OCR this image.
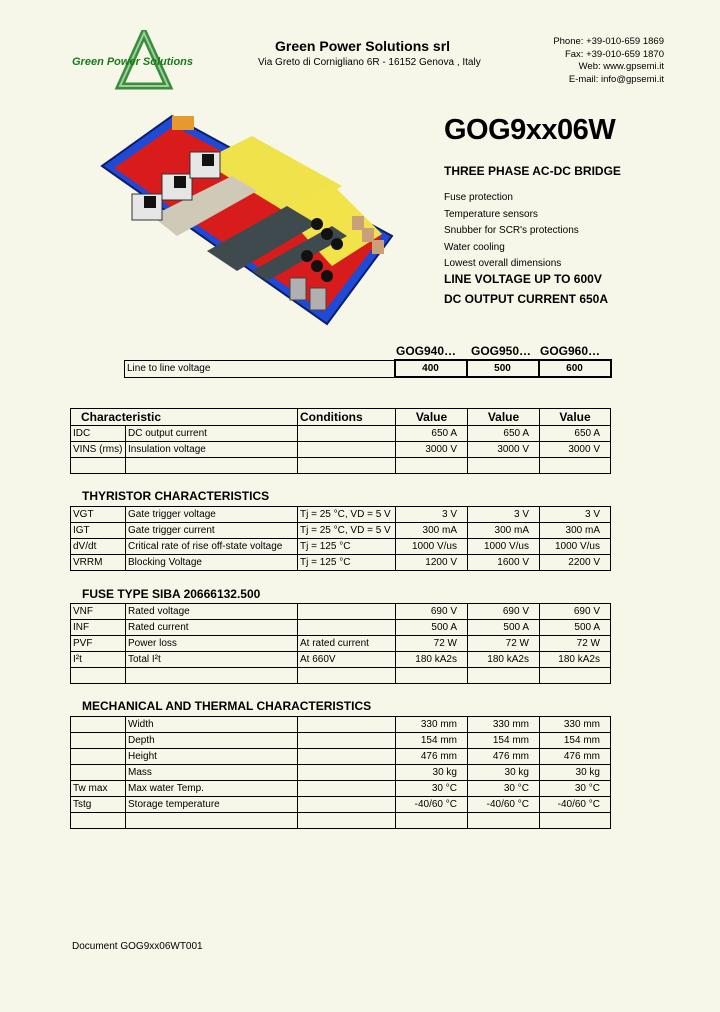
Green Power Solutions
Green Power Solutions srl
Via Greto di Cornigliano 6R - 16152 Genova , Italy
Phone: +39-010-659 1869
Fax: +39-010-659 1870
Web: www.gpsemi.it
E-mail: info@gpsemi.it
GOG9xx06W
THREE PHASE AC-DC BRIDGE
Fuse protection
Temperature sensors
Snubber for SCR's protections
Water cooling
Lowest overall dimensions
LINE VOLTAGE UP TO 600V
DC OUTPUT CURRENT 650A
GOG940… GOG950… GOG960…
Line to line voltage	400	500	600
Characteristic		Conditions	Value	Value	Value
IDC	DC output current		650 A	650 A	650 A
VINS (rms)	Insulation voltage		3000 V	3000 V	3000 V

THYRISTOR CHARACTERISTICS
VGT	Gate trigger voltage	Tj = 25 °C, VD = 5 V	3 V	3 V	3 V
IGT	Gate trigger current	Tj = 25 °C, VD = 5 V	300 mA	300 mA	300 mA
dV/dt	Critical rate of rise off-state voltage	Tj = 125 °C	1000 V/us	1000 V/us	1000 V/us
VRRM	Blocking Voltage	Tj = 125 °C	1200 V	1600 V	2200 V
FUSE TYPE SIBA 20666132.500
VNF	Rated voltage		690 V	690 V	690 V
INF	Rated current		500 A	500 A	500 A
PVF	Power loss	At rated current	72 W	72 W	72 W
I²t	Total I²t	At 660V	180 kA2s	180 kA2s	180 kA2s

MECHANICAL AND THERMAL CHARACTERISTICS
	Width		330 mm	330 mm	330 mm
	Depth		154 mm	154 mm	154 mm
	Height		476 mm	476 mm	476 mm
	Mass		30 kg	30 kg	30 kg
Tw max	Max water Temp.		30 °C	30 °C	30 °C
Tstg	Storage temperature		-40/60 °C	-40/60 °C	-40/60 °C

Document GOG9xx06WT001
